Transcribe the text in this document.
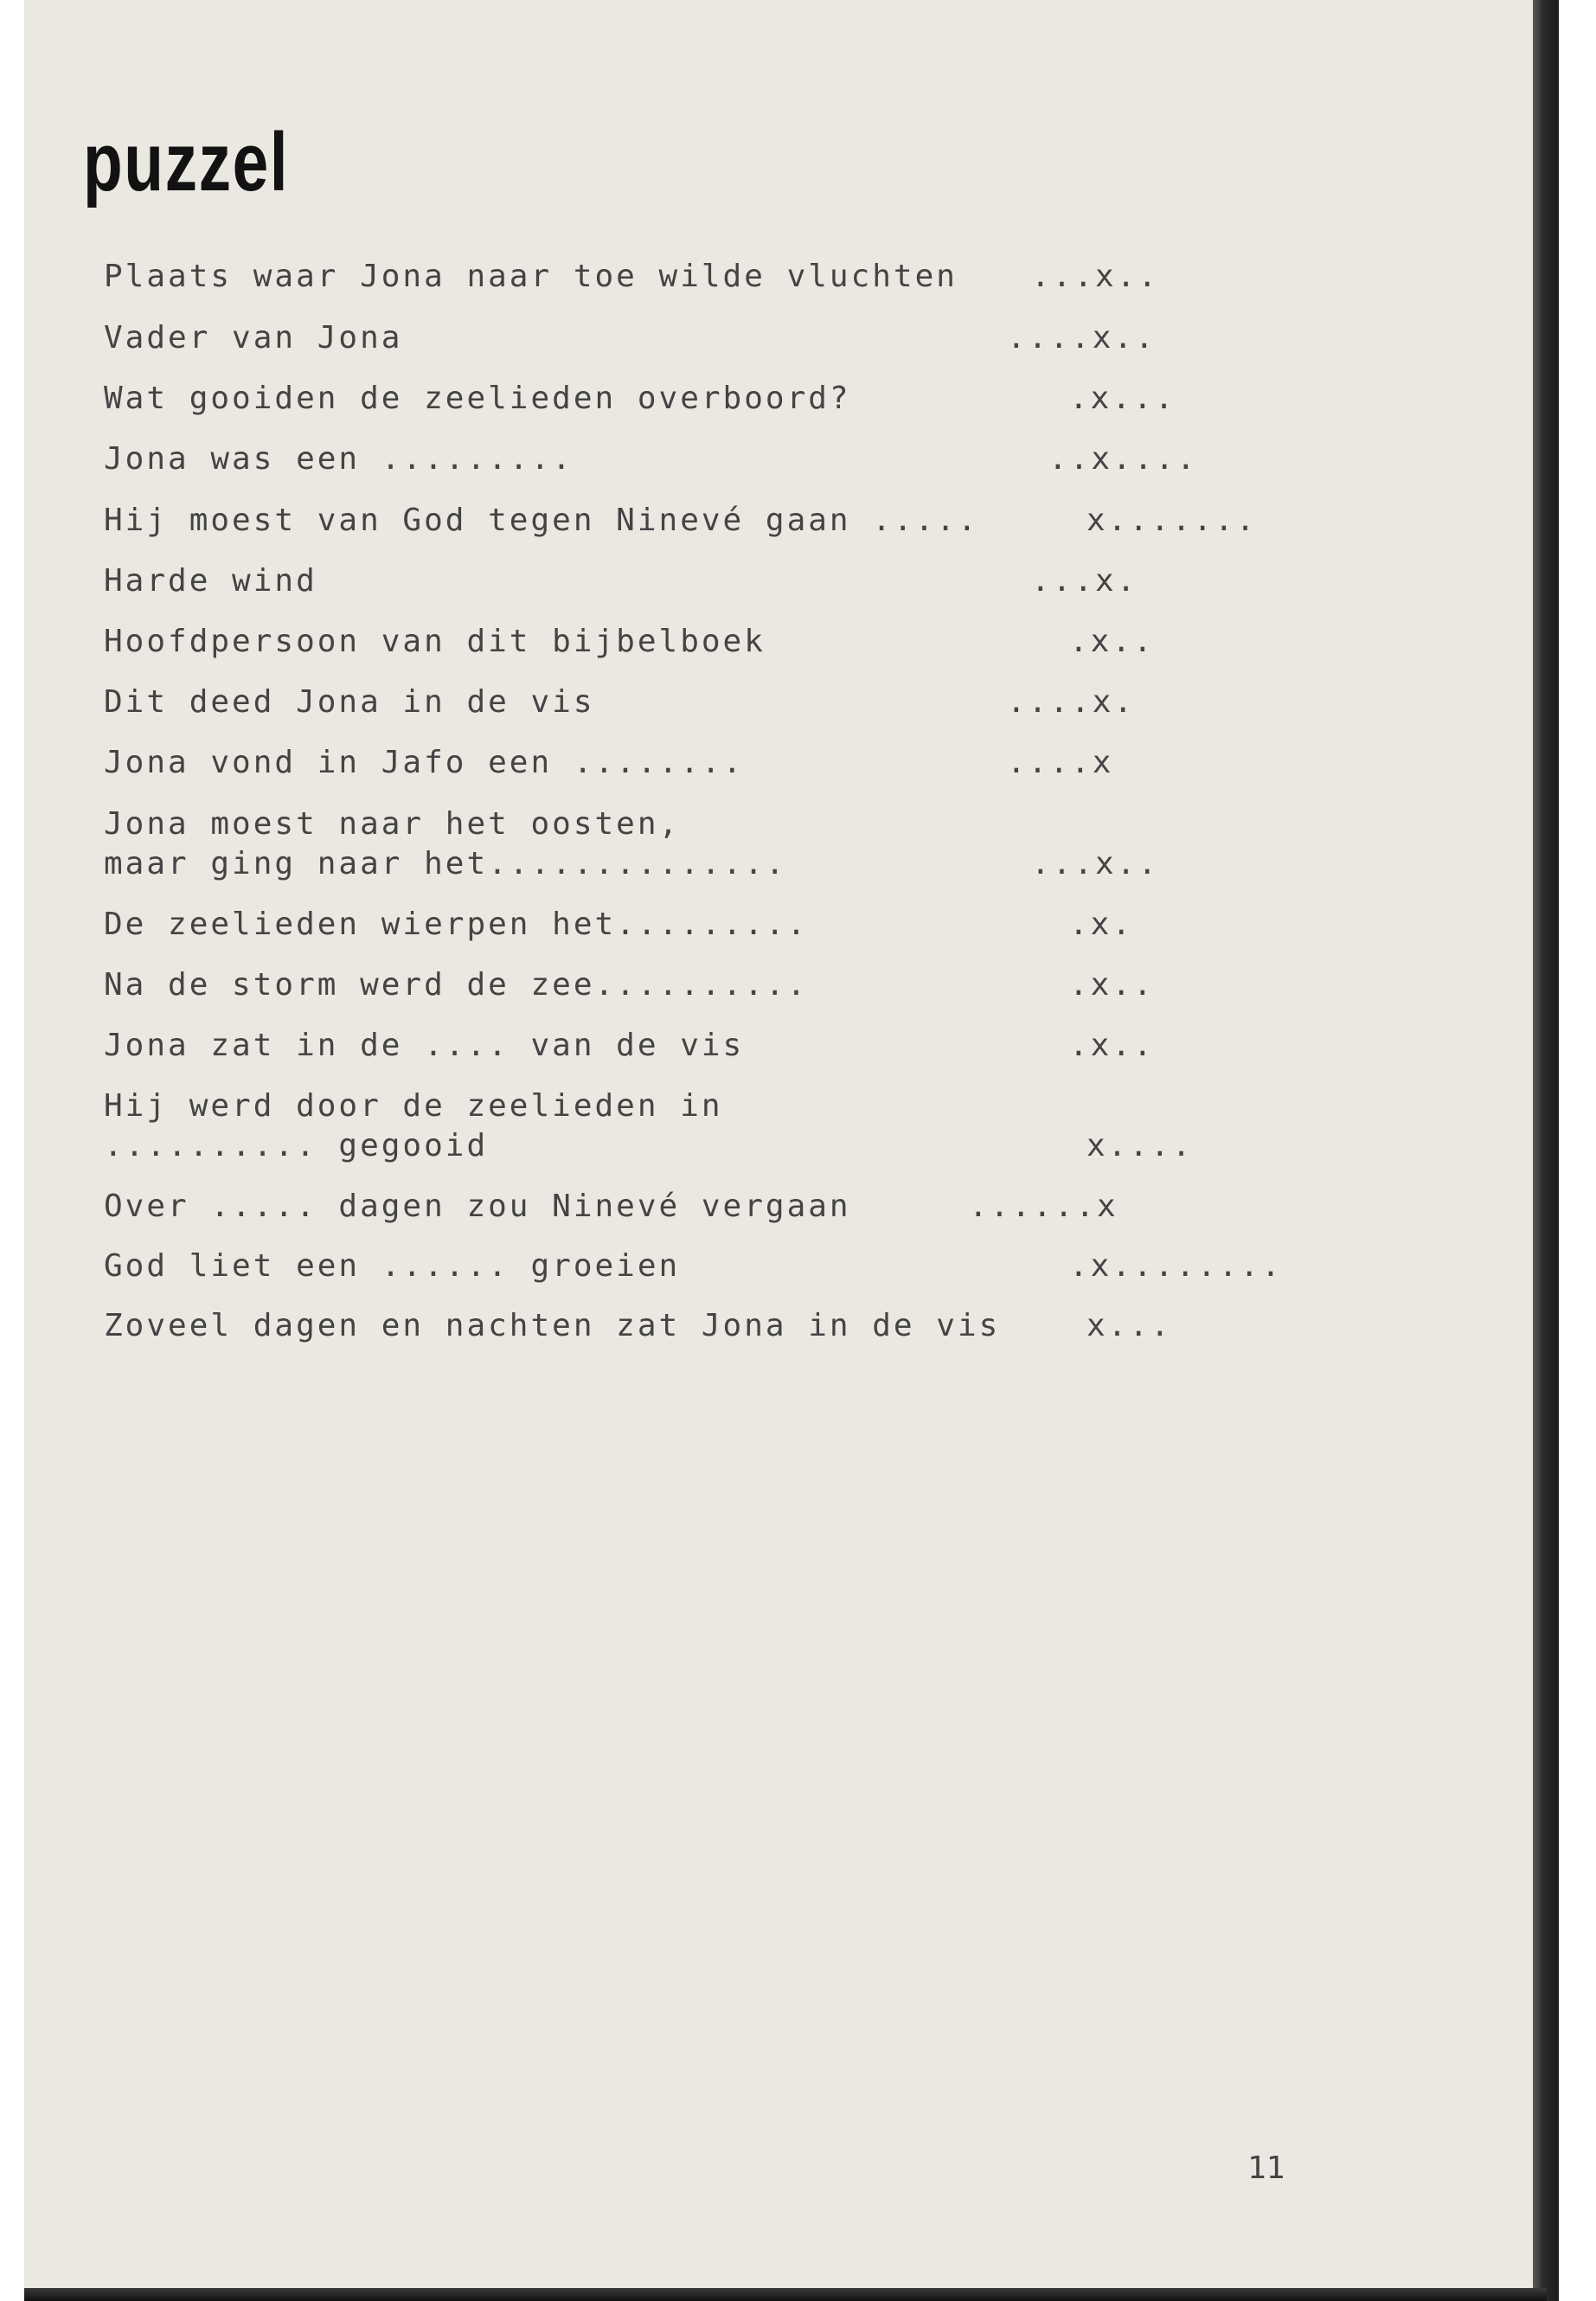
puzzel
Plaats waar Jona naar toe wilde vluchten ...x..
Vader van Jona	....x..
Wat gooiden de zeelieden overboord?	.x...
Jona was een .........	..x....
Hij moest van God tegen Ninevé gaan .....	x.......
Harde wind	...x.
Hoofdpersoon van dit bijbelboek	.x..
Dit deed Jona in de vis	....x.
Jona vond in Jafo een ........	....x
Jona moest naar het oosten,
maar ging naar het..............	...x..
De zeelieden wierpen het.........	.x.
Na de storm werd de zee..........	.x..
Jona zat in de .... van de vis	.x..
Hij werd door de zeelieden in
.......... gegooid	x....
Over ..... dagen zou Ninevé vergaan	......x
God liet een ...... groeien	.x........
Zoveel dagen en nachten zat Jona in de vis	x...
11
